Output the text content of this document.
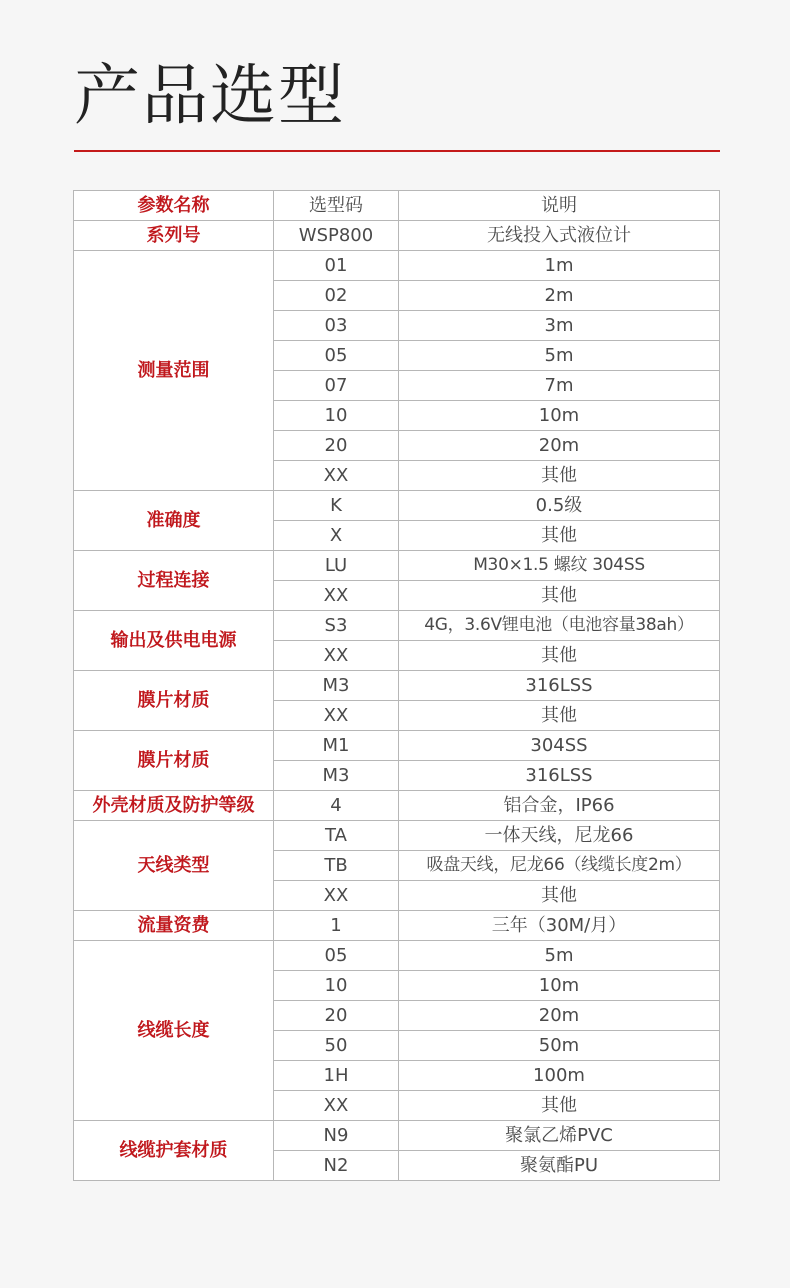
产品选型
参数名称	选型码	说明
系列号	WSP800	无线投入式液位计
测量范围	01	1m
	02	2m
	03	3m
	05	5m
	07	7m
	10	10m
	20	20m
	XX	其他
准确度	K	0.5级
	X	其他
过程连接	LU	M30×1.5 螺纹 304SS
	XX	其他
输出及供电电源	S3	4G，3.6V锂电池（电池容量38ah）
	XX	其他
膜片材质	M3	316LSS
	XX	其他
膜片材质	M1	304SS
	M3	316LSS
外壳材质及防护等级	4	铝合金，IP66
天线类型	TA	一体天线，尼龙66
	TB	吸盘天线，尼龙66（线缆长度2m）
	XX	其他
流量资费	1	三年（30M/月）
线缆长度	05	5m
	10	10m
	20	20m
	50	50m
	1H	100m
	XX	其他
线缆护套材质	N9	聚氯乙烯PVC
	N2	聚氨酯PU
